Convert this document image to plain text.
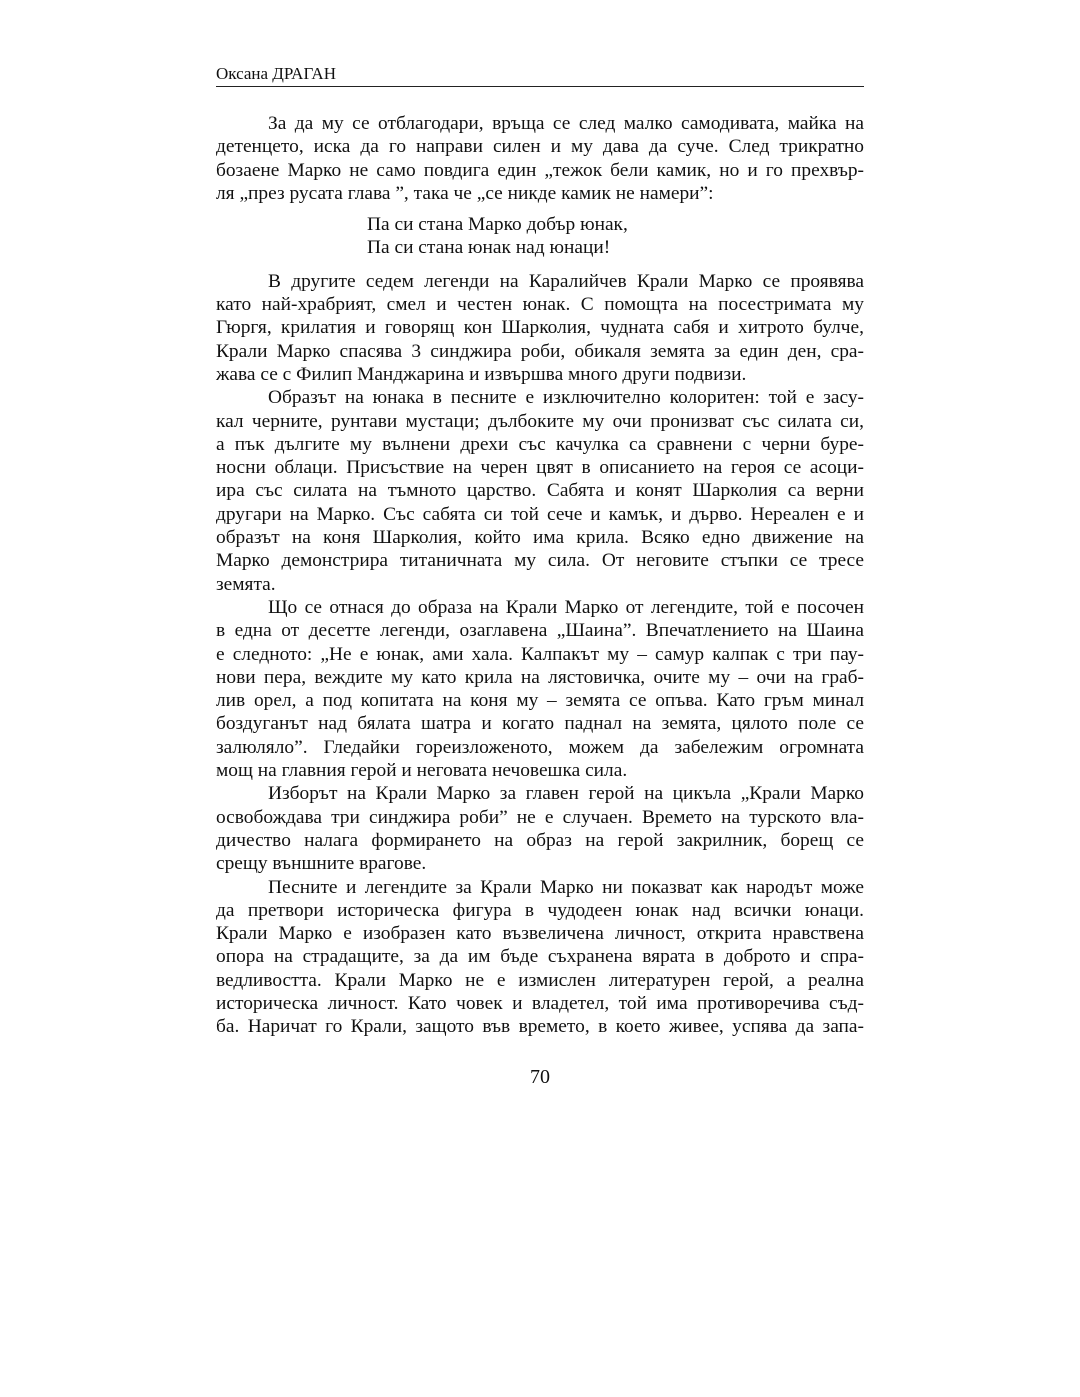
Оксана ДРАГАН

За да му се отблагодари, връща се след малко самодивата, майка на
детенцето, иска да го направи силен и му дава да суче. След трикратно
бозаене Марко не само повдига един „тежок бели камик, но и го прехвър-
ля „през русата глава ”, така че „се никде камик не намери”:

Па си стана Марко добър юнак,
Па си стана юнак над юнаци!

В другите седем легенди на Каралийчев Крали Марко се проявява
като най-храбрият, смел и честен юнак. С помощта на посестримата му
Гюргя, крилатия и говорящ кон Шарколия, чудната сабя и хитрото булче,
Крали Марко спасява 3 синджира роби, обикаля земята за един ден, сра-
жава се с Филип Манджарина и извършва много други подвизи.

Образът на юнака в песните е изключително колоритен: той е засу-
кал черните, рунтави мустаци; дълбоките му очи пронизват със силата си,
а пък дългите му вълнени дрехи със качулка са сравнени с черни буре-
носни облаци. Присъствие на черен цвят в описанието на героя се асоци-
ира със силата на тъмното царство. Сабята и конят Шарколия са верни
другари на Марко. Със сабята си той сече и камък, и дърво. Нереален е и
образът на коня Шарколия, който има крила. Всяко едно движение на
Марко демонстрира титаничната му сила. От неговите стъпки се тресе
земята.

Що се отнася до образа на Крали Марко от легендите, той е посочен
в една от десетте легенди, озаглавена „Шаина”. Впечатлението на Шаина
е следното: „Не е юнак, ами хала. Калпакът му – самур калпак с три пау-
нови пера, веждите му като крила на лястовичка, очите му – очи на граб-
лив орел, а под копитата на коня му – земята се опъва. Като гръм минал
боздуганът над бялата шатра и когато паднал на земята, цялото поле се
залюляло”. Гледайки гореизложеното, можем да забележим огромната
мощ на главния герой и неговата нечовешка сила.

Изборът на Крали Марко за главен герой на цикъла „Крали Марко
освобождава три синджира роби” не е случаен. Времето на турското вла-
дичество налага формирането на образ на герой закрилник, борещ се
срещу външните врагове.

Песните и легендите за Крали Марко ни показват как народът може
да претвори историческа фигура в чудодеен юнак над всички юнаци.
Крали Марко е изобразен като възвеличена личност, открита нравствена
опора на страдащите, за да им бъде съхранена вярата в доброто и спра-
ведливостта. Крали Марко не е измислен литературен герой, а реална
историческа личност. Като човек и владетел, той има противоречива съд-
ба. Наричат го Крали, защото във времето, в което живее, успява да запа-

70
